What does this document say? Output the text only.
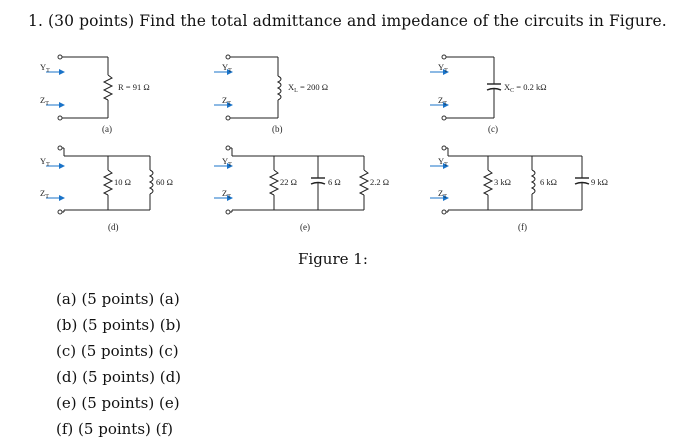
1. (30 points) Find the total admittance and impedance of the circuits in Figure.
$Y_T$
$Z_T$
R = 91 Ω
(a)
$Y_T$
$Z_T$
$X_L = 200$ Ω
(b)
$Y_T$
$Z_T$
$X_C = 0.2$ kΩ
(c)
$Y_T$
$Z_T$
10 Ω	60 Ω
(d)
$Y_T$
$Z_T$
22 Ω	6 Ω	2.2 Ω
(e)
$Y_T$
$Z_T$
3 kΩ	6 kΩ	9 kΩ
(f)
Figure 1:
(a) (5 points) (a)
(b) (5 points) (b)
(c) (5 points) (c)
(d) (5 points) (d)
(e) (5 points) (e)
(f) (5 points) (f)
